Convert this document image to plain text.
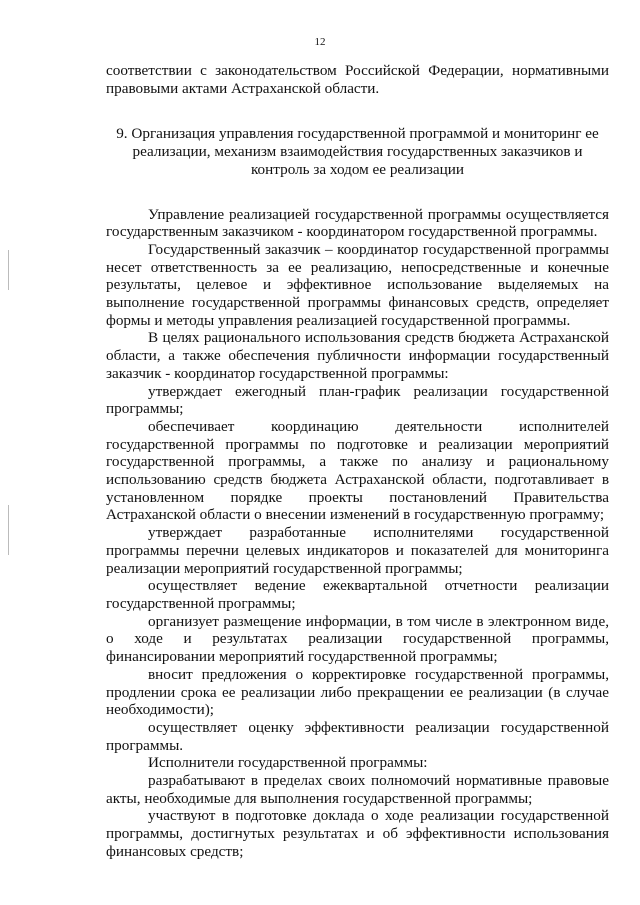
12

соответствии с законодательством Российской Федерации, нормативными правовыми актами Астраханской области.

9. Организация управления государственной программой и мониторинг ее реализации, механизм взаимодействия государственных заказчиков и контроль за ходом ее реализации

Управление реализацией государственной программы осуществляется государственным заказчиком - координатором государственной программы.

Государственный заказчик – координатор государственной программы несет ответственность за ее реализацию, непосредственные и конечные результаты, целевое и эффективное использование выделяемых на выполнение государственной программы финансовых средств, определяет формы и методы управления реализацией государственной программы.

В целях рационального использования средств бюджета Астраханской области, а также обеспечения публичности информации государственный заказчик - координатор государственной программы:

утверждает ежегодный план-график реализации государственной программы;

обеспечивает координацию деятельности исполнителей государственной программы по подготовке и реализации мероприятий государственной программы, а также по анализу и рациональному использованию средств бюджета Астраханской области, подготавливает в установленном порядке проекты постановлений Правительства Астраханской области о внесении изменений в государственную программу;

утверждает разработанные исполнителями государственной программы перечни целевых индикаторов и показателей для мониторинга реализации мероприятий государственной программы;

осуществляет ведение ежеквартальной отчетности реализации государственной программы;

организует размещение информации, в том числе в электронном виде, о ходе и результатах реализации государственной программы, финансировании мероприятий государственной программы;

вносит предложения о корректировке государственной программы, продлении срока ее реализации либо прекращении ее реализации (в случае необходимости);

осуществляет оценку эффективности реализации государственной программы.

Исполнители государственной программы:

разрабатывают в пределах своих полномочий нормативные правовые акты, необходимые для выполнения государственной программы;

участвуют в подготовке доклада о ходе реализации государственной программы, достигнутых результатах и об эффективности использования финансовых средств;
